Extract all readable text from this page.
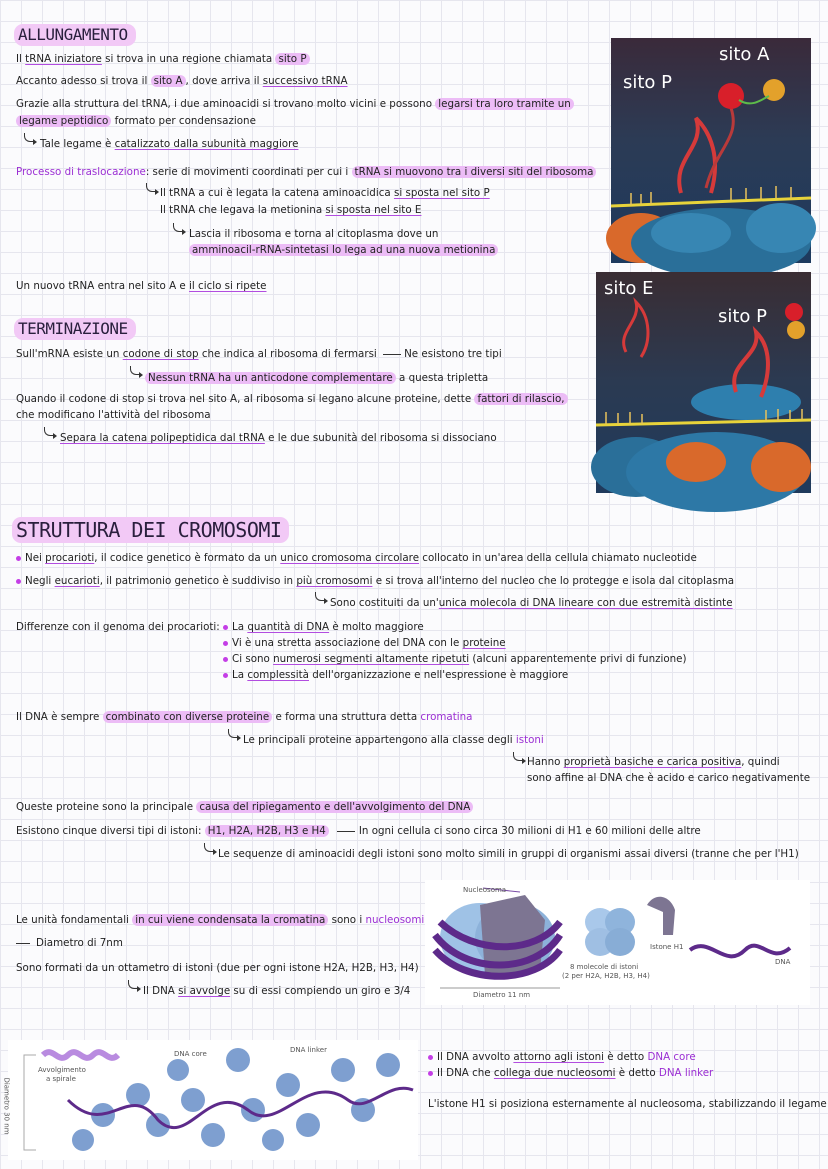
ALLUNGAMENTO
Il tRNA iniziatore si trova in una regione chiamata sito P
Accanto adesso si trova il sito A , dove arriva il successivo tRNA
Grazie alla struttura del tRNA, i due aminoacidi si trovano molto vicini e possono legarsi tra loro tramite un
legame peptidico formato per condensazione
Tale legame è catalizzato dalla subunità maggiore
Processo di traslocazione: serie di movimenti coordinati per cui i tRNA si muovono tra i diversi siti del ribosoma
Il tRNA a cui è legata la catena aminoacidica si sposta nel sito P
Il tRNA che legava la metionina si sposta nel sito E
Lascia il ribosoma e torna al citoplasma dove un
amminoacil-rRNA-sintetasi lo lega ad una nuova metionina
Un nuovo tRNA entra nel sito A e il ciclo si ripete
sito A
sito P
TERMINAZIONE
Sull'mRNA esiste un codone di stop che indica al ribosoma di fermarsi Ne esistono tre tipi
Nessun tRNA ha un anticodone complementare a questa tripletta
Quando il codone di stop si trova nel sito A, al ribosoma si legano alcune proteine, dette fattori di rilascio,
che modificano l'attività del ribosoma
Separa la catena polipeptidica dal tRNA e le due subunità del ribosoma si dissociano
sito E
sito P
STRUTTURA DEI CROMOSOMI
Nei procarioti, il codice genetico è formato da un unico cromosoma circolare collocato in un'area della cellula chiamato nucleotide
Negli eucarioti, il patrimonio genetico è suddiviso in più cromosomi e si trova all'interno del nucleo che lo protegge e isola dal citoplasma
Sono costituiti da un'unica molecola di DNA lineare con due estremità distinte
Differenze con il genoma dei procarioti:	La quantità di DNA è molto maggiore
Vi è una stretta associazione del DNA con le proteine
Ci sono numerosi segmenti altamente ripetuti (alcuni apparentemente privi di funzione)
La complessità dell'organizzazione e nell'espressione è maggiore
Il DNA è sempre combinato con diverse proteine e forma una struttura detta cromatina
Le principali proteine appartengono alla classe degli istoni
Hanno proprietà basiche e carica positiva, quindi
sono affine al DNA che è acido e carico negativamente
Queste proteine sono la principale causa del ripiegamento e dell'avvolgimento del DNA
Esistono cinque diversi tipi di istoni: H1, H2A, H2B, H3 e H4	In ogni cellula ci sono circa 30 milioni di H1 e 60 milioni delle altre
Le sequenze di aminoacidi degli istoni sono molto simili in gruppi di organismi assai diversi (tranne che per l'H1)
Le unità fondamentali in cui viene condensata la cromatina sono i nucleosomi
Diametro di 7nm
Sono formati da un ottametro di istoni (due per ogni istone H2A, H2B, H3, H4)
Il DNA si avvolge su di essi compiendo un giro e 3/4
Nucleosoma
Diametro 11 nm
8 molecole di istoni
(2 per H2A, H2B, H3, H4)
Istone H1
DNA
Avvolgimento
a spirale
DNA core	DNA linker
Diametro 30 nm
Il DNA avvolto attorno agli istoni è detto DNA core
Il DNA che collega due nucleosomi è detto DNA linker
L'istone H1 si posiziona esternamente al nucleosoma, stabilizzando il legame
